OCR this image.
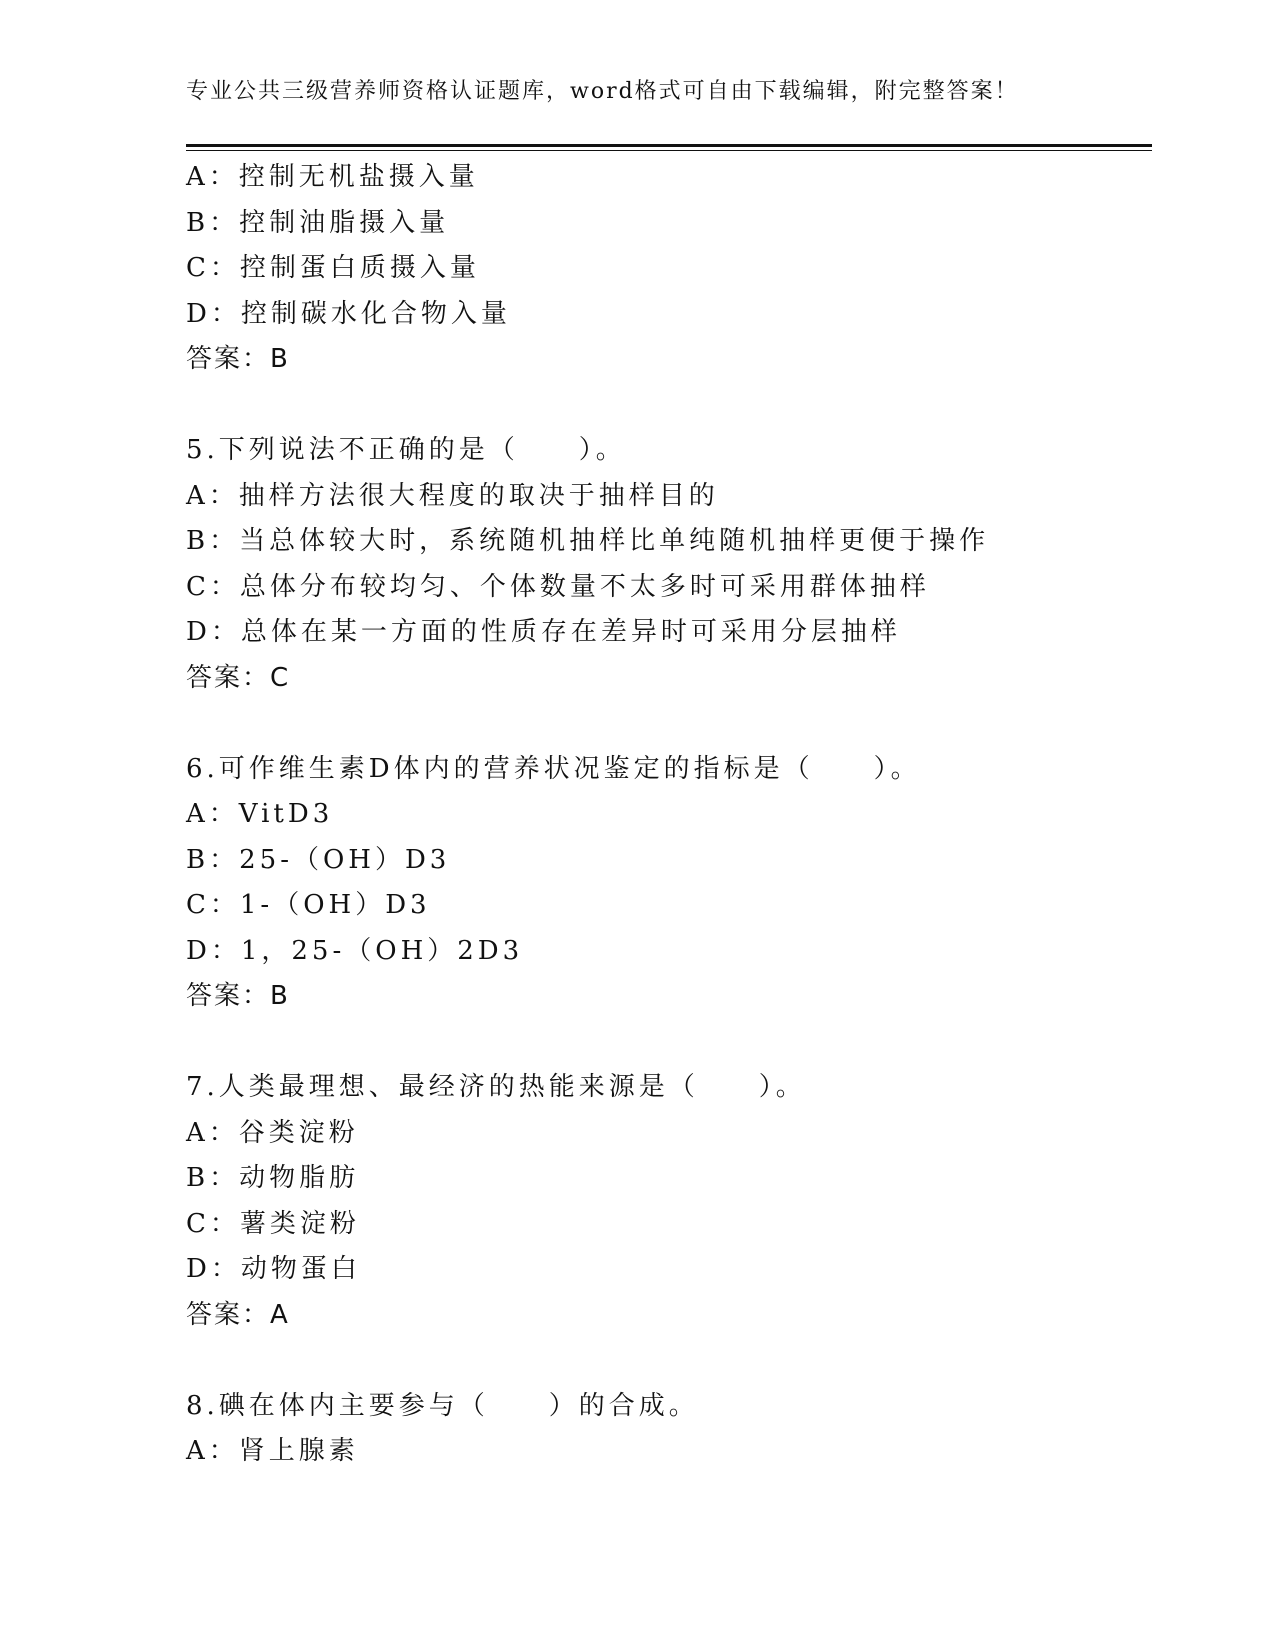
专业公共三级营养师资格认证题库，word格式可自由下载编辑，附完整答案！
A：控制无机盐摄入量
B：控制油脂摄入量
C：控制蛋白质摄入量
D：控制碳水化合物入量
答案：B
5.下列说法不正确的是（　　）。
A：抽样方法很大程度的取决于抽样目的
B：当总体较大时，系统随机抽样比单纯随机抽样更便于操作
C：总体分布较均匀、个体数量不太多时可采用群体抽样
D：总体在某一方面的性质存在差异时可采用分层抽样
答案：C
6.可作维生素D体内的营养状况鉴定的指标是（　　）。
A：VitD3
B：25-（OH）D3
C：1-（OH）D3
D：1，25-（OH）2D3
答案：B
7.人类最理想、最经济的热能来源是（　　）。
A：谷类淀粉
B：动物脂肪
C：薯类淀粉
D：动物蛋白
答案：A
8.碘在体内主要参与（　　）的合成。
A：肾上腺素
